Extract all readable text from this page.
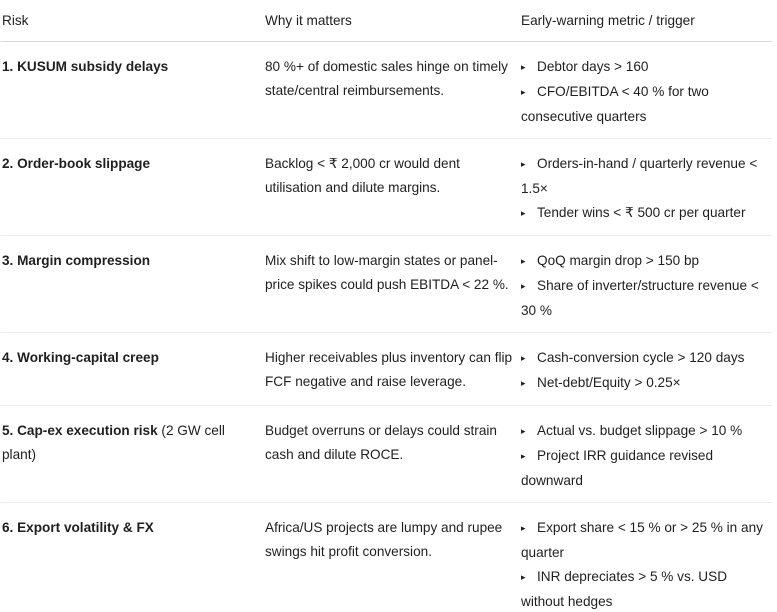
Risk	Why it matters	Early-warning metric / trigger
1. KUSUM subsidy delays	80 %+ of domestic sales hinge on timely state/central reimbursements.	▸ Debtor days > 160
▸ CFO/EBITDA < 40 % for two consecutive quarters

2. Order-book slippage	Backlog < ₹ 2,000 cr would dent utilisation and dilute margins.	▸ Orders-in-hand / quarterly revenue < 1.5×
▸ Tender wins < ₹ 500 cr per quarter

3. Margin compression	Mix shift to low-margin states or panel-price spikes could push EBITDA < 22 %.	▸ QoQ margin drop > 150 bp
▸ Share of inverter/structure revenue < 30 %

4. Working-capital creep	Higher receivables plus inventory can flip FCF negative and raise leverage.	▸ Cash-conversion cycle > 120 days
▸ Net-debt/Equity > 0.25×

5. Cap-ex execution risk (2 GW cell plant)	Budget overruns or delays could strain cash and dilute ROCE.	▸ Actual vs. budget slippage > 10 %
▸ Project IRR guidance revised downward

6. Export volatility & FX	Africa/US projects are lumpy and rupee swings hit profit conversion.	▸ Export share < 15 % or > 25 % in any quarter
▸ INR depreciates > 5 % vs. USD without hedges
